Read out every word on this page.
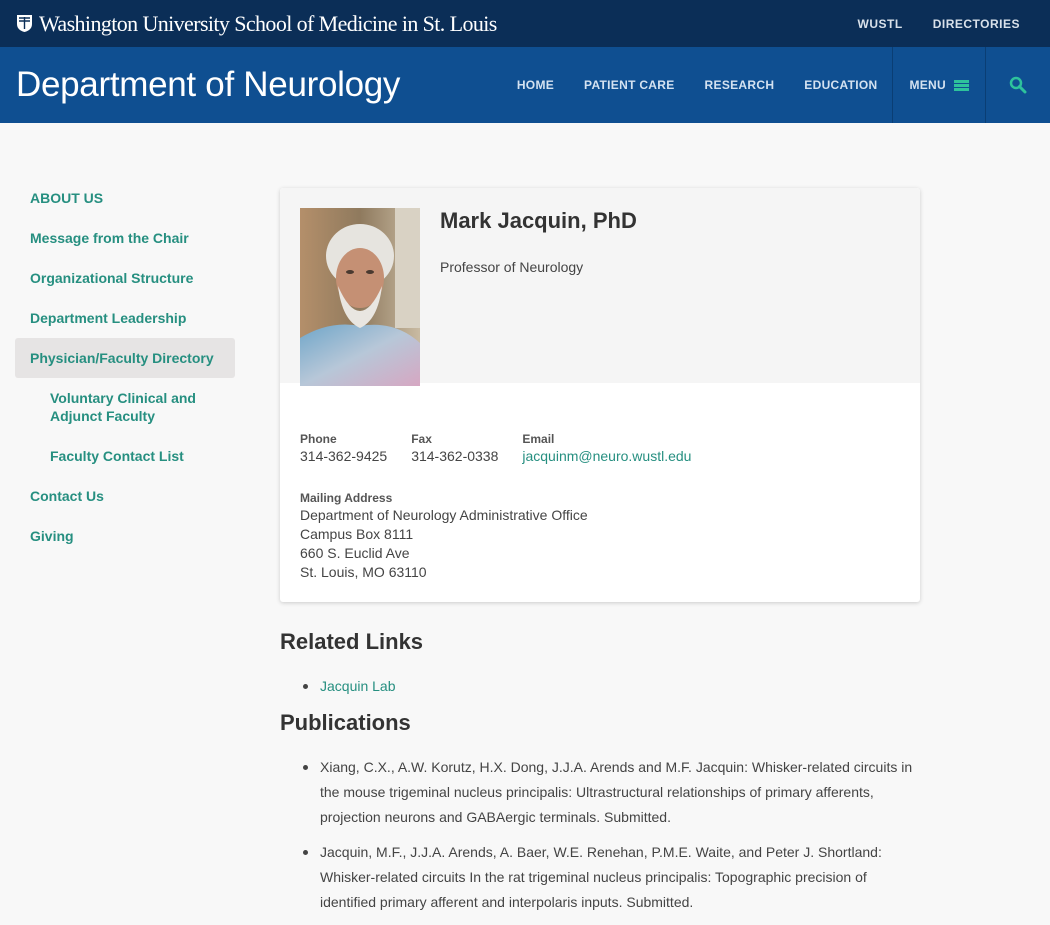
Washington University School of Medicine in St. Louis	WUSTL	DIRECTORIES
Department of Neurology	HOME	PATIENT CARE	RESEARCH	EDUCATION	MENU
ABOUT US
Message from the Chair
Organizational Structure
Department Leadership
Physician/Faculty Directory
Voluntary Clinical and Adjunct Faculty
Faculty Contact List
Contact Us
Giving
Mark Jacquin, PhD
Professor of Neurology
Phone
314-362-9425
Fax
314-362-0338
Email
jacquinm@neuro.wustl.edu
Mailing Address
Department of Neurology Administrative Office
Campus Box 8111
660 S. Euclid Ave
St. Louis, MO 63110
Related Links
Jacquin Lab
Publications
Xiang, C.X., A.W. Korutz, H.X. Dong, J.J.A. Arends and M.F. Jacquin: Whisker-related circuits in the mouse trigeminal nucleus principalis: Ultrastructural relationships of primary afferents, projection neurons and GABAergic terminals. Submitted.
Jacquin, M.F., J.J.A. Arends, A. Baer, W.E. Renehan, P.M.E. Waite, and Peter J. Shortland: Whisker-related circuits In the rat trigeminal nucleus principalis: Topographic precision of identified primary afferent and interpolaris inputs. Submitted.
